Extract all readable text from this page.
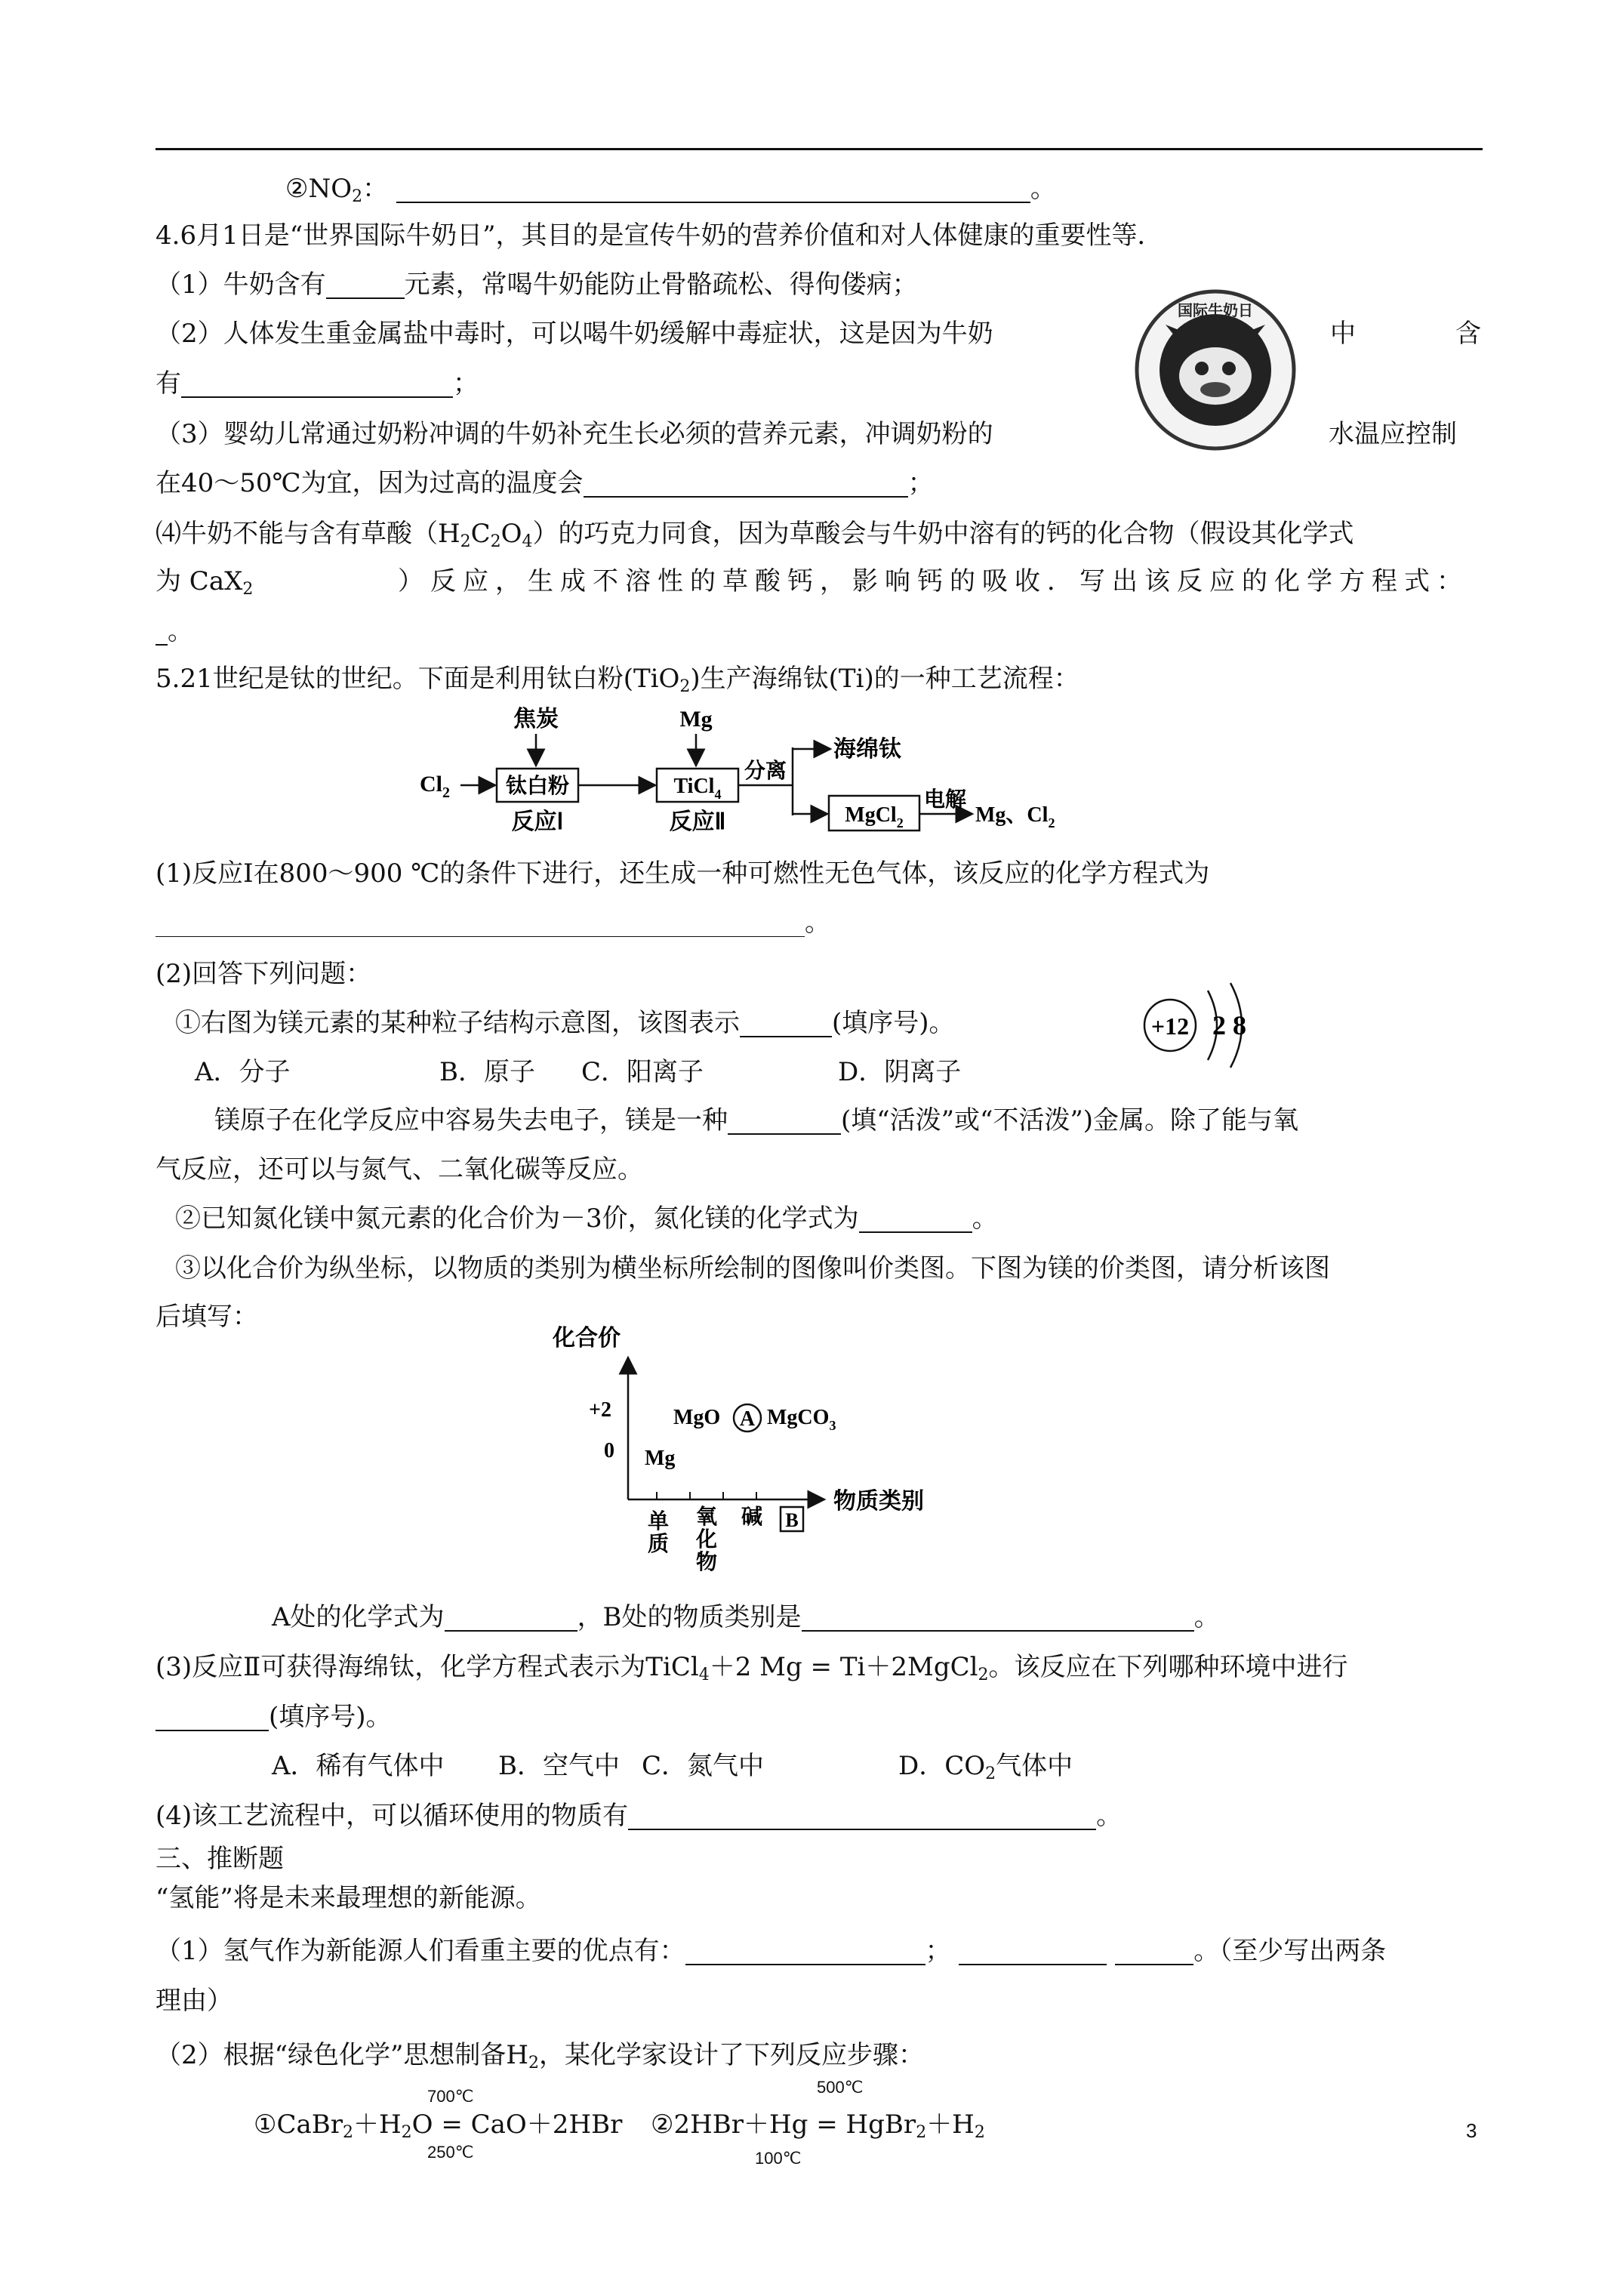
$②NO_2$：	。
4.6月1日是“世界国际牛奶日”，其目的是宣传牛奶的营养价值和对人体健康的重要性等．
（1）牛奶含有	元素，常喝牛奶能防止骨骼疏松、得佝偻病；
（2）人体发生重金属盐中毒时，可以喝牛奶缓解中毒症状，这是因为牛奶	中	含
有	；
（3）婴幼儿常通过奶粉冲调的牛奶补充生长必须的营养元素，冲调奶粉的	水温应控制
在40～50℃为宜，因为过高的温度会	；
⑷牛奶不能与含有草酸$(H_2C_2O_4)$的巧克力同食，因为草酸会与牛奶中溶有的钙的化合物（假设其化学式
为 CaX$_2$	）反应，生成不溶性的草酸钙，影响钙的吸收．写出该反应的化学方程式：
。
国际牛奶日
5.21世纪是钛的世纪。下面是利用钛白粉(TiO$_2$)生产海绵钛(Ti)的一种工艺流程：
焦炭	Mg
$Cl_2$	钛白粉	TiCl$_4$
反应Ⅰ	反应Ⅱ
分离
海绵钛
MgCl$_2$
电解
Mg、$Cl_2$
(1)反应Ⅰ在800～900 ℃的条件下进行，还生成一种可燃性无色气体，该反应的化学方程式为
。
(2)回答下列问题：
①右图为镁元素的某种粒子结构示意图，该图表示	(填序号)。	+12 2 8
A．分子	B．原子 C．阳离子	D．阴离子
镁原子在化学反应中容易失去电子，镁是一种	(填“活泼”或“不活泼”)金属。除了能与氧
气反应，还可以与氮气、二氧化碳等反应。
②已知氮化镁中氮元素的化合价为－3价，氮化镁的化学式为	。
③以化合价为纵坐标，以物质的类别为横坐标所绘制的图像叫价类图。下图为镁的价类图，请分析该图
后填写：
化合价
物质类别
+2
0
MgO A MgCO$_3$
Mg
单
质
氧
化
物
碱 B
A处的化学式为	，B处的物质类别是	。
(3)反应Ⅱ可获得海绵钛，化学方程式表示为TiCl$_4$＋2 Mg = Ti＋2MgCl$_2$。该反应在下列哪种环境中进行
(填序号)。
A．稀有气体中 B．空气中 C．氮气中	D．$CO_2$气体中
(4)该工艺流程中，可以循环使用的物质有	。
三、推断题
“氢能”将是未来最理想的新能源。
（1）氢气作为新能源人们看重主要的优点有：	；	。（至少写出两条
理由）
（2）根据“绿色化学”思想制备$H_2$，某化学家设计了下列反应步骤：
700℃
$①CaBr_2+H_2O = CaO+2HBr$
250℃
500℃
②2HBr＋Hg = $HgBr_2+H_2$
100℃
3
